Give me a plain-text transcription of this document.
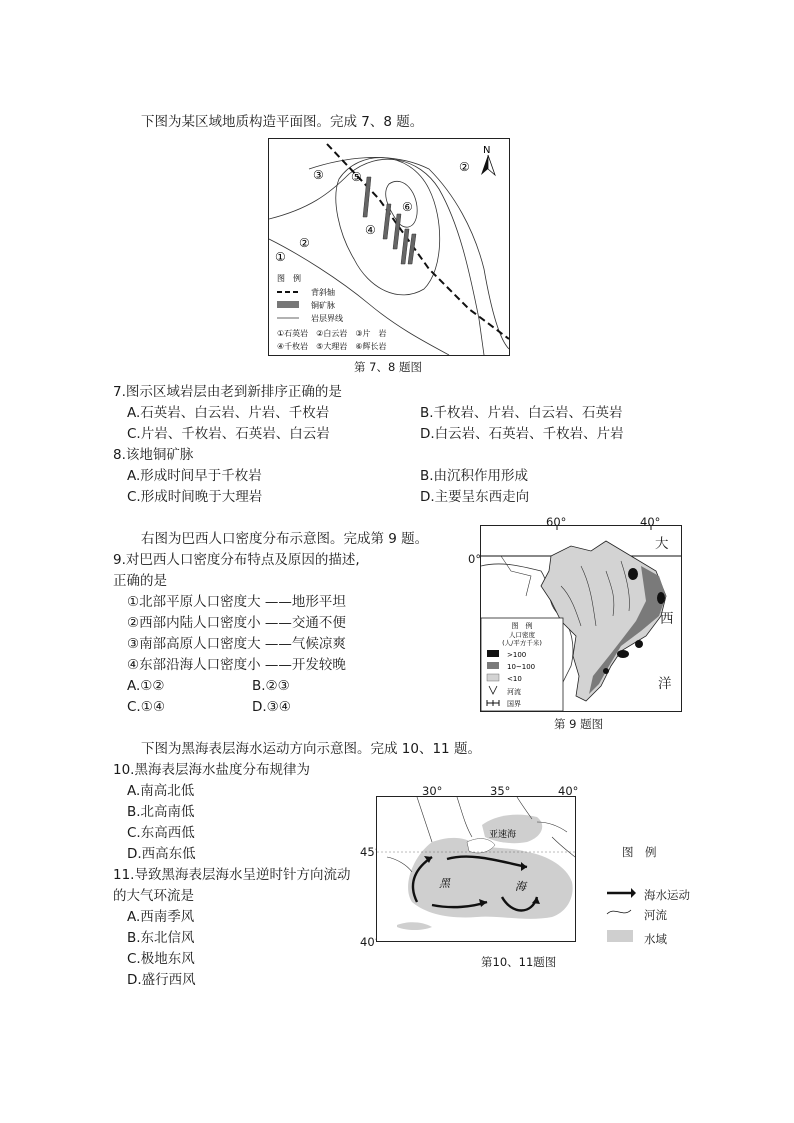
下图为某区域地质构造平面图。完成 7、8 题。
N
③ ⑤
②
⑥
④
②
①
图　例
背斜轴
铜矿脉
岩层界线
①石英岩　②白云岩　③片　岩
④千枚岩　⑤大理岩　⑥辉长岩
第 7、8 题图
7.图示区域岩层由老到新排序正确的是
A.石英岩、白云岩、片岩、千枚岩	B.千枚岩、片岩、白云岩、石英岩
C.片岩、千枚岩、石英岩、白云岩	D.白云岩、石英岩、千枚岩、片岩
8.该地铜矿脉
A.形成时间早于千枚岩	B.由沉积作用形成
C.形成时间晚于大理岩	D.主要呈东西走向
右图为巴西人口密度分布示意图。完成第 9 题。
9.对巴西人口密度分布特点及原因的描述,
正确的是
①北部平原人口密度大 ——地形平坦
②西部内陆人口密度小 ——交通不便
③南部高原人口密度大 ——气候凉爽
④东部沿海人口密度小 ——开发较晚
A.①②	B.②③
C.①④	D.③④
图　例
人口密度
(人/平方千米)
>100
10~100
<10
河流
国界
60°	40°
0°
大
西
洋
第 9 题图
下图为黑海表层海水运动方向示意图。完成 10、11 题。
10.黑海表层海水盐度分布规律为
A.南高北低
B.北高南低
C.东高西低
D.西高东低
11.导致黑海表层海水呈逆时针方向流动
的大气环流是
A.西南季风
B.东北信风
C.极地东风
D.盛行西风
30°	35°	40°
45°
40°
亚速海
黑	海
图　例
海水运动
河流
水域
第10、11题图
